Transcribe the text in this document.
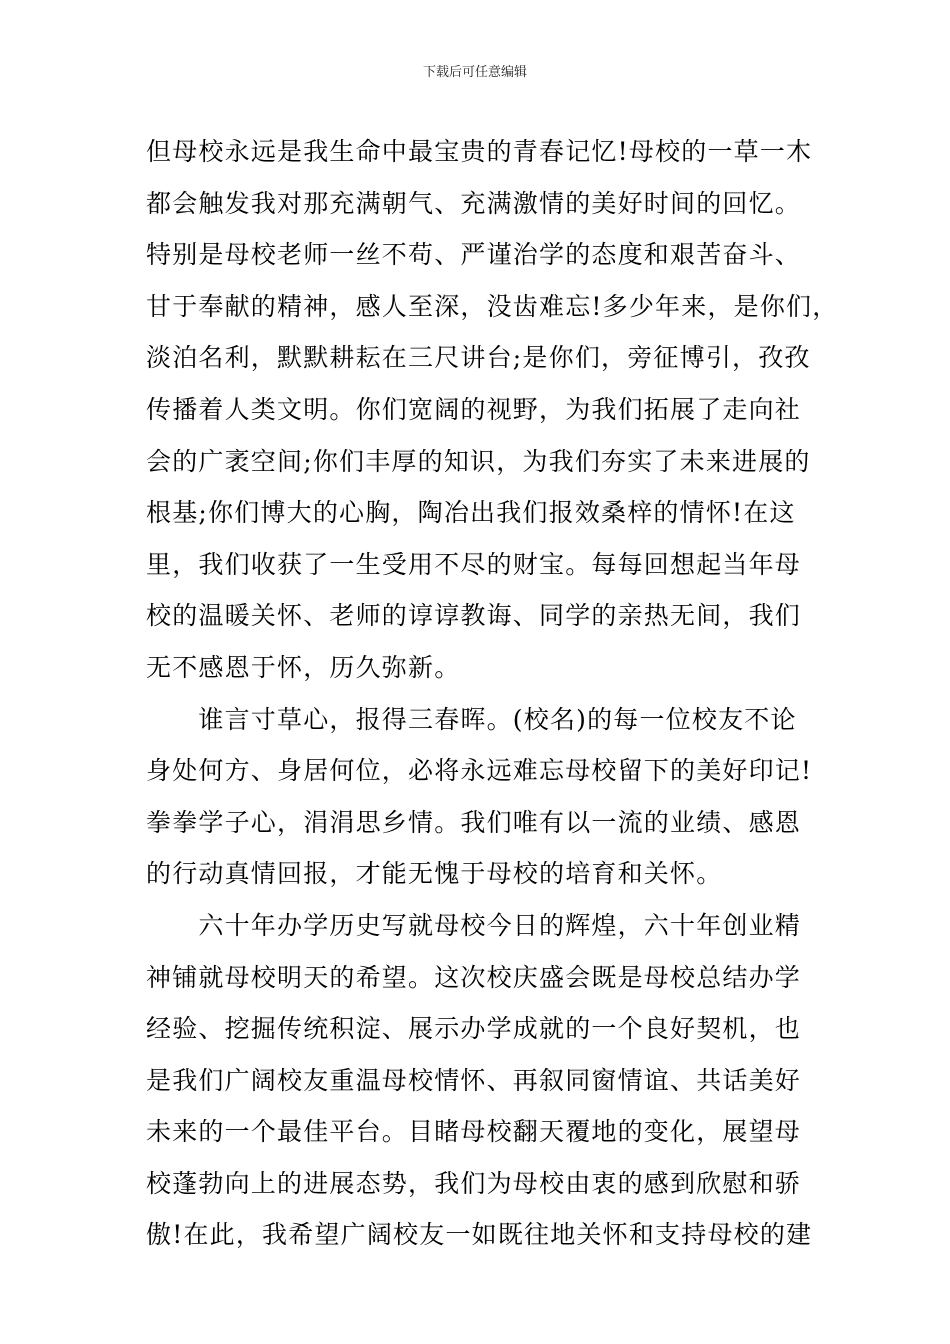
下载后可任意编辑
但母校永远是我生命中最宝贵的青春记忆!母校的一草一木
都会触发我对那充满朝气、充满激情的美好时间的回忆。
特别是母校老师一丝不苟、严谨治学的态度和艰苦奋斗、
甘于奉献的精神，感人至深，没齿难忘!多少年来，是你们，
淡泊名利，默默耕耘在三尺讲台;是你们，旁征博引，孜孜
传播着人类文明。你们宽阔的视野，为我们拓展了走向社
会的广袤空间;你们丰厚的知识，为我们夯实了未来进展的
根基;你们博大的心胸，陶冶出我们报效桑梓的情怀!在这
里，我们收获了一生受用不尽的财宝。每每回想起当年母
校的温暖关怀、老师的谆谆教诲、同学的亲热无间，我们
无不感恩于怀，历久弥新。
　　谁言寸草心，报得三春晖。(校名)的每一位校友不论
身处何方、身居何位，必将永远难忘母校留下的美好印记!
拳拳学子心，涓涓思乡情。我们唯有以一流的业绩、感恩
的行动真情回报，才能无愧于母校的培育和关怀。
　　六十年办学历史写就母校今日的辉煌，六十年创业精
神铺就母校明天的希望。这次校庆盛会既是母校总结办学
经验、挖掘传统积淀、展示办学成就的一个良好契机，也
是我们广阔校友重温母校情怀、再叙同窗情谊、共话美好
未来的一个最佳平台。目睹母校翻天覆地的变化，展望母
校蓬勃向上的进展态势，我们为母校由衷的感到欣慰和骄
傲!在此，我希望广阔校友一如既往地关怀和支持母校的建
